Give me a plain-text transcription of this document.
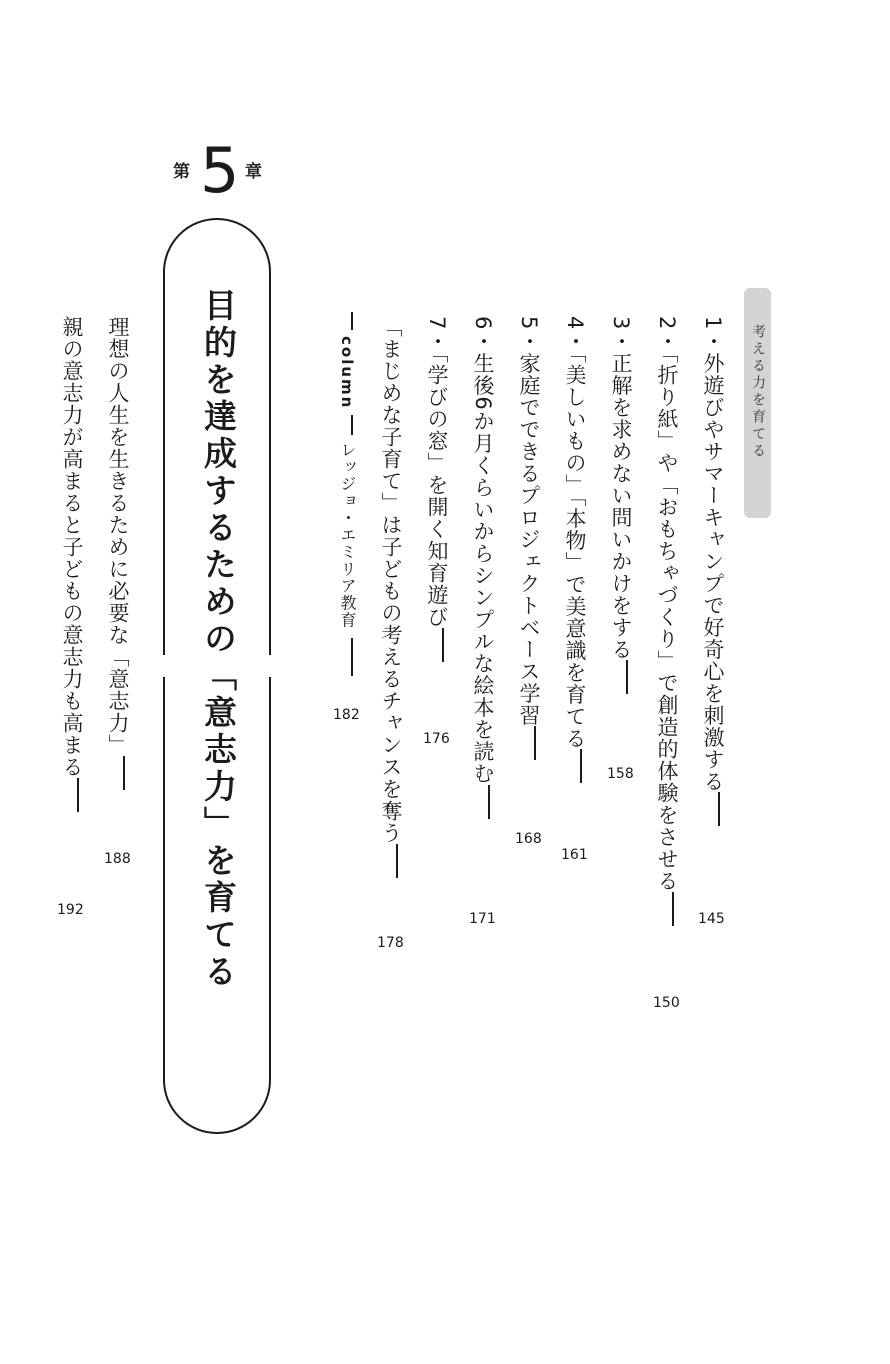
第 5 章
目的を達成するための「意志力」を育てる	考える力を育てる
1・外遊びやサマーキャンプで好奇心を刺激する
145
2・「折り紙」や「おもちゃづくり」で創造的体験をさせる
150
3・正解を求めない問いかけをする
158
4・「美しいもの」「本物」で美意識を育てる
161
5・家庭でできるプロジェクトベース学習
168
6・生後6か月くらいからシンプルな絵本を読む
171
7・「学びの窓」を開く知育遊び
176
「まじめな子育て」は子どもの考えるチャンスを奪う
178
columnレッジョ・エミリア教育
182
理想の人生を生きるために必要な「意志力」
188
親の意志力が高まると子どもの意志力も高まる
192
